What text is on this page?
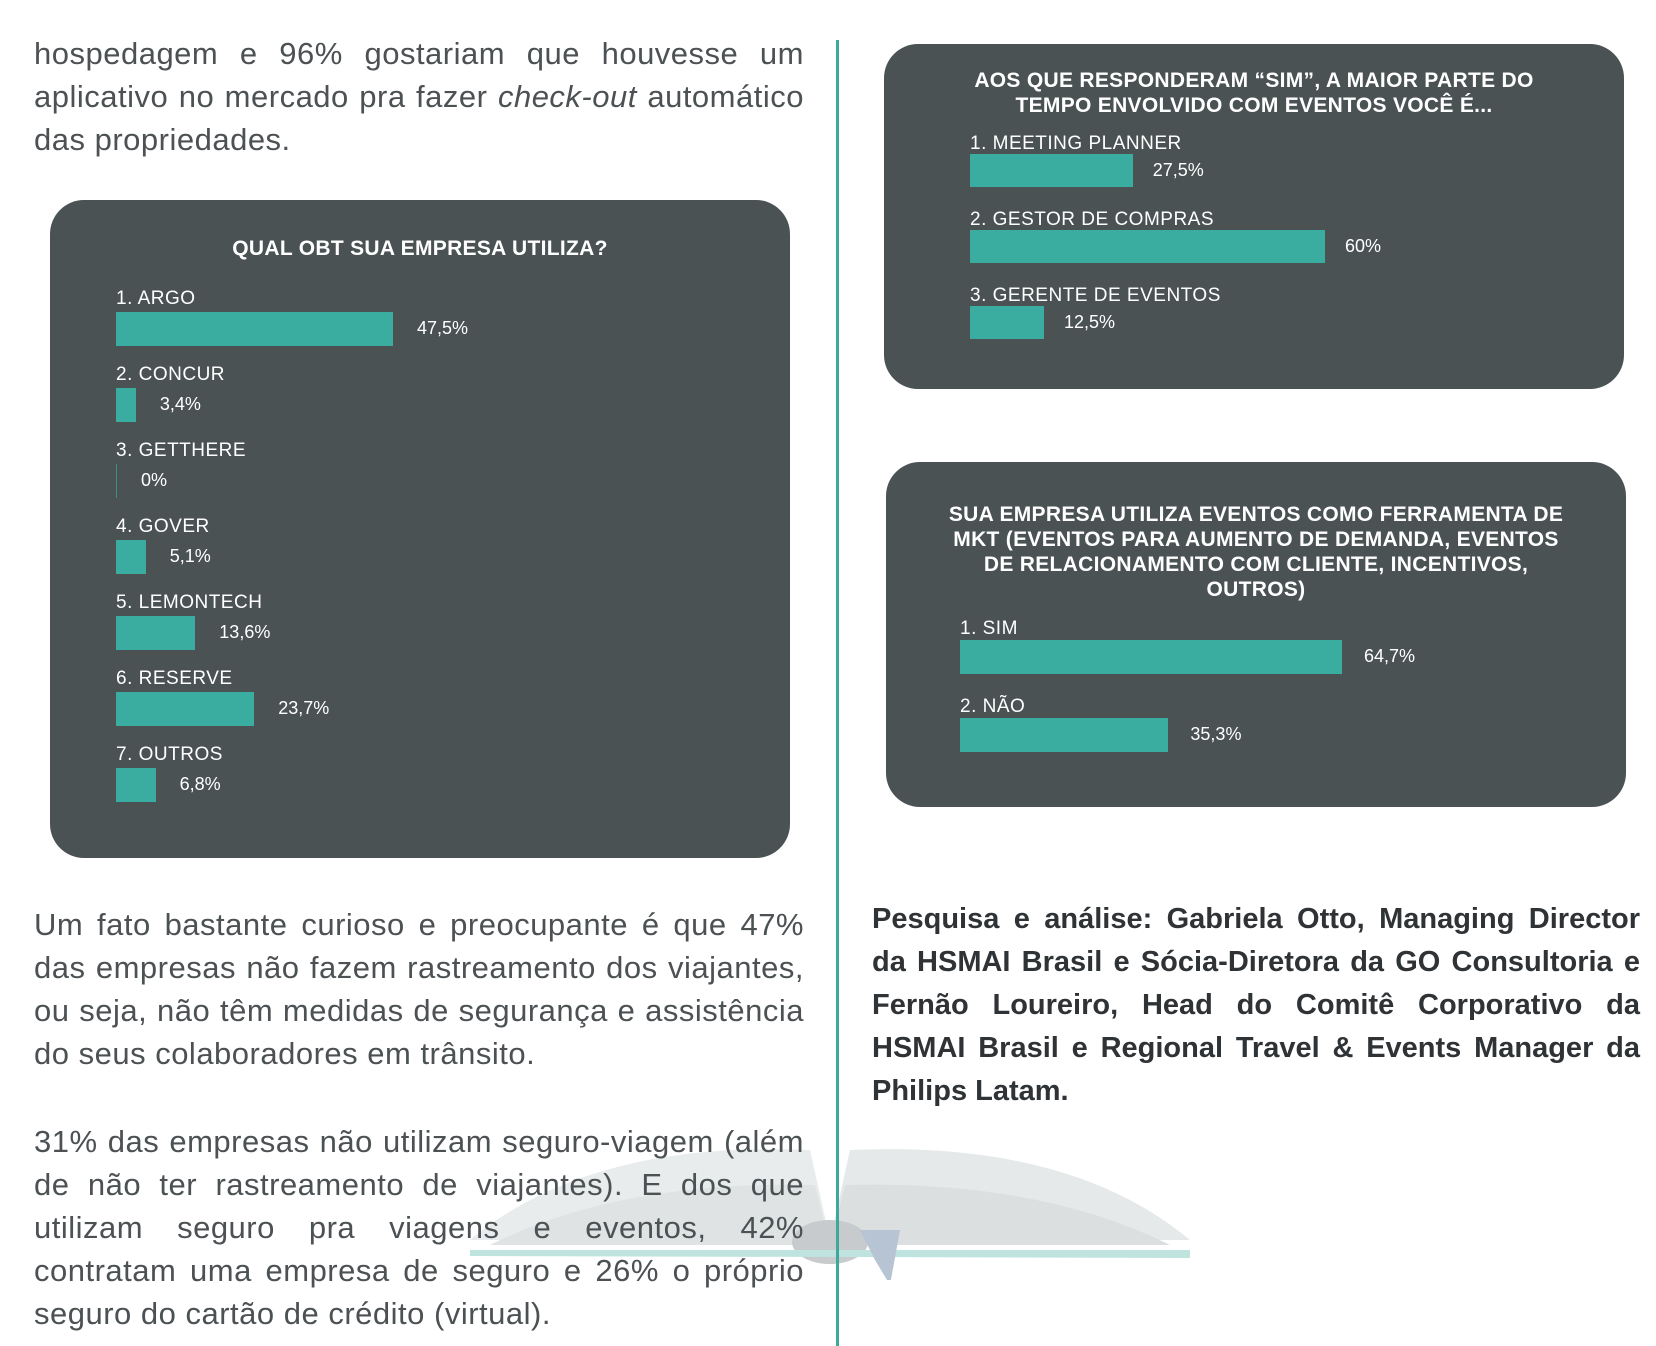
hospedagem e 96% gostariam que houvesse um aplicativo no mercado pra fazer check-out automático das propriedades.

Um fato bastante curioso e preocupante é que 47% das empresas não fazem rastreamento dos viajantes, ou seja, não têm medidas de segurança e assistência do seus colaboradores em trânsito.

31% das empresas não utilizam seguro-viagem (além de não ter rastreamento de viajantes). E dos que utilizam seguro pra viagens e eventos, 42% contratam uma empresa de seguro e 26% o próprio seguro do cartão de crédito (virtual).

Pesquisa e análise: Gabriela Otto, Managing Director da HSMAI Brasil e Sócia-Diretora da GO Consultoria e Fernão Loureiro, Head do Comitê Corporativo da HSMAI Brasil e Regional Travel & Events Manager da Philips Latam.

QUAL OBT SUA EMPRESA UTILIZA?
1. ARGO
47,5%
2. CONCUR
3,4%
3. GETTHERE
0%
4. GOVER
5,1%
5. LEMONTECH
13,6%
6. RESERVE
23,7%
7. OUTROS
6,8%
AOS QUE RESPONDERAM “SIM”, A MAIOR PARTE DO TEMPO ENVOLVIDO COM EVENTOS VOCÊ É...
1. MEETING PLANNER
27,5%
2. GESTOR DE COMPRAS
60%
3. GERENTE DE EVENTOS
12,5%
SUA EMPRESA UTILIZA EVENTOS COMO FERRAMENTA DE MKT (EVENTOS PARA AUMENTO DE DEMANDA, EVENTOS DE RELACIONAMENTO COM CLIENTE, INCENTIVOS, OUTROS)
1. SIM
64,7%
2. NÃO
35,3%
